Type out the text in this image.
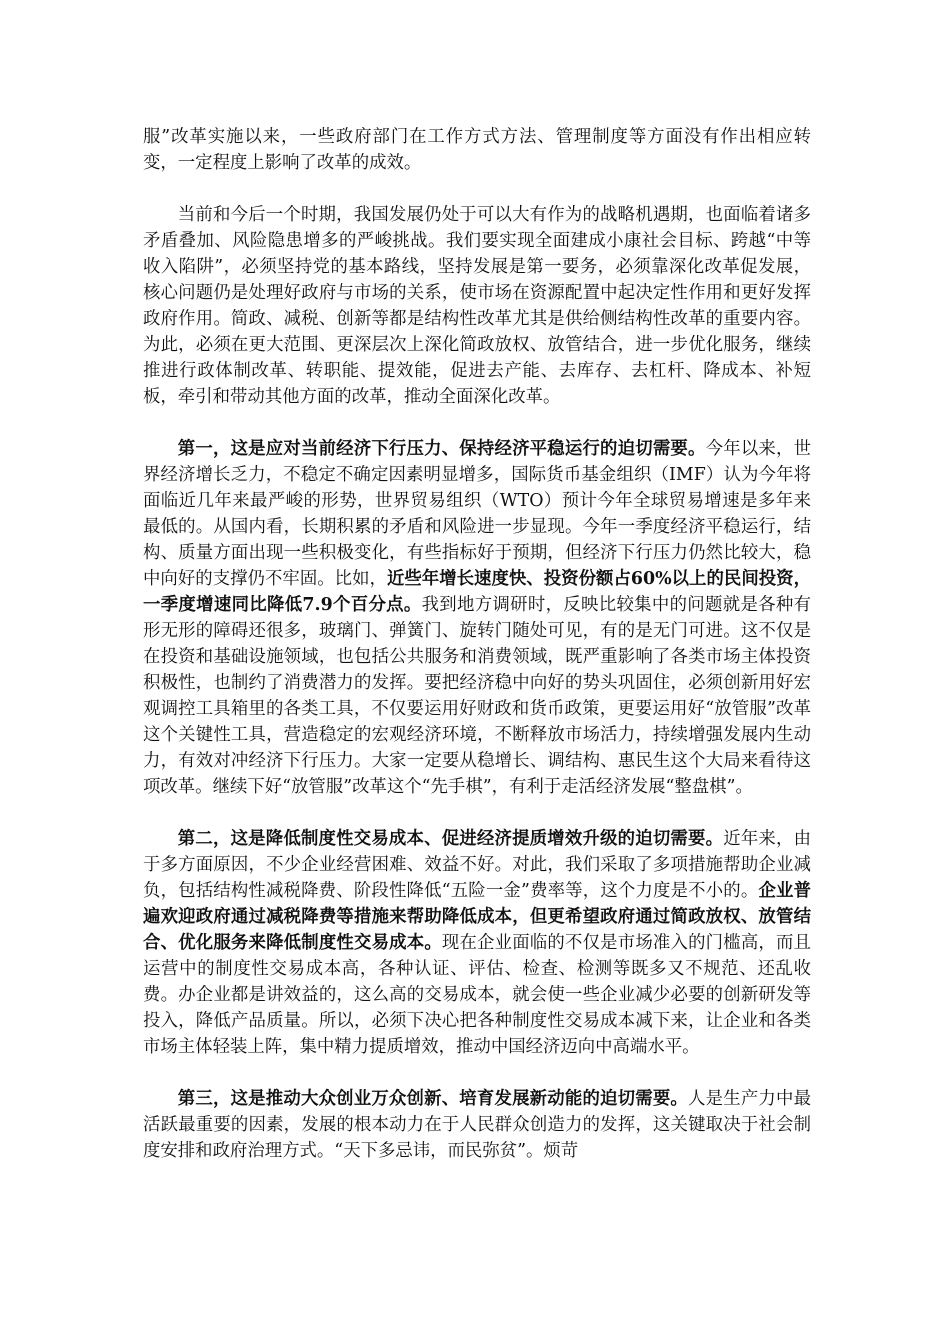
服”改革实施以来，一些政府部门在工作方式方法、管理制度等方面没有作出相应转变，一定程度上影响了改革的成效。

当前和今后一个时期，我国发展仍处于可以大有作为的战略机遇期，也面临着诸多矛盾叠加、风险隐患增多的严峻挑战。我们要实现全面建成小康社会目标、跨越“中等收入陷阱”，必须坚持党的基本路线，坚持发展是第一要务，必须靠深化改革促发展，核心问题仍是处理好政府与市场的关系，使市场在资源配置中起决定性作用和更好发挥政府作用。简政、减税、创新等都是结构性改革尤其是供给侧结构性改革的重要内容。为此，必须在更大范围、更深层次上深化简政放权、放管结合，进一步优化服务，继续推进行政体制改革、转职能、提效能，促进去产能、去库存、去杠杆、降成本、补短板，牵引和带动其他方面的改革，推动全面深化改革。

第一，这是应对当前经济下行压力、保持经济平稳运行的迫切需要。今年以来，世界经济增长乏力，不稳定不确定因素明显增多，国际货币基金组织（IMF）认为今年将面临近几年来最严峻的形势，世界贸易组织（WTO）预计今年全球贸易增速是多年来最低的。从国内看，长期积累的矛盾和风险进一步显现。今年一季度经济平稳运行，结构、质量方面出现一些积极变化，有些指标好于预期，但经济下行压力仍然比较大，稳中向好的支撑仍不牢固。比如，近些年增长速度快、投资份额占60%以上的民间投资，一季度增速同比降低7.9个百分点。我到地方调研时，反映比较集中的问题就是各种有形无形的障碍还很多，玻璃门、弹簧门、旋转门随处可见，有的是无门可进。这不仅是在投资和基础设施领域，也包括公共服务和消费领域，既严重影响了各类市场主体投资积极性，也制约了消费潜力的发挥。要把经济稳中向好的势头巩固住，必须创新用好宏观调控工具箱里的各类工具，不仅要运用好财政和货币政策，更要运用好“放管服”改革这个关键性工具，营造稳定的宏观经济环境，不断释放市场活力，持续增强发展内生动力，有效对冲经济下行压力。大家一定要从稳增长、调结构、惠民生这个大局来看待这项改革。继续下好“放管服”改革这个“先手棋”，有利于走活经济发展“整盘棋”。

第二，这是降低制度性交易成本、促进经济提质增效升级的迫切需要。近年来，由于多方面原因，不少企业经营困难、效益不好。对此，我们采取了多项措施帮助企业减负，包括结构性减税降费、阶段性降低“五险一金”费率等，这个力度是不小的。企业普遍欢迎政府通过减税降费等措施来帮助降低成本，但更希望政府通过简政放权、放管结合、优化服务来降低制度性交易成本。现在企业面临的不仅是市场准入的门槛高，而且运营中的制度性交易成本高，各种认证、评估、检查、检测等既多又不规范、还乱收费。办企业都是讲效益的，这么高的交易成本，就会使一些企业减少必要的创新研发等投入，降低产品质量。所以，必须下决心把各种制度性交易成本减下来，让企业和各类市场主体轻装上阵，集中精力提质增效，推动中国经济迈向中高端水平。

第三，这是推动大众创业万众创新、培育发展新动能的迫切需要。人是生产力中最活跃最重要的因素，发展的根本动力在于人民群众创造力的发挥，这关键取决于社会制度安排和政府治理方式。“天下多忌讳，而民弥贫”。烦苛
